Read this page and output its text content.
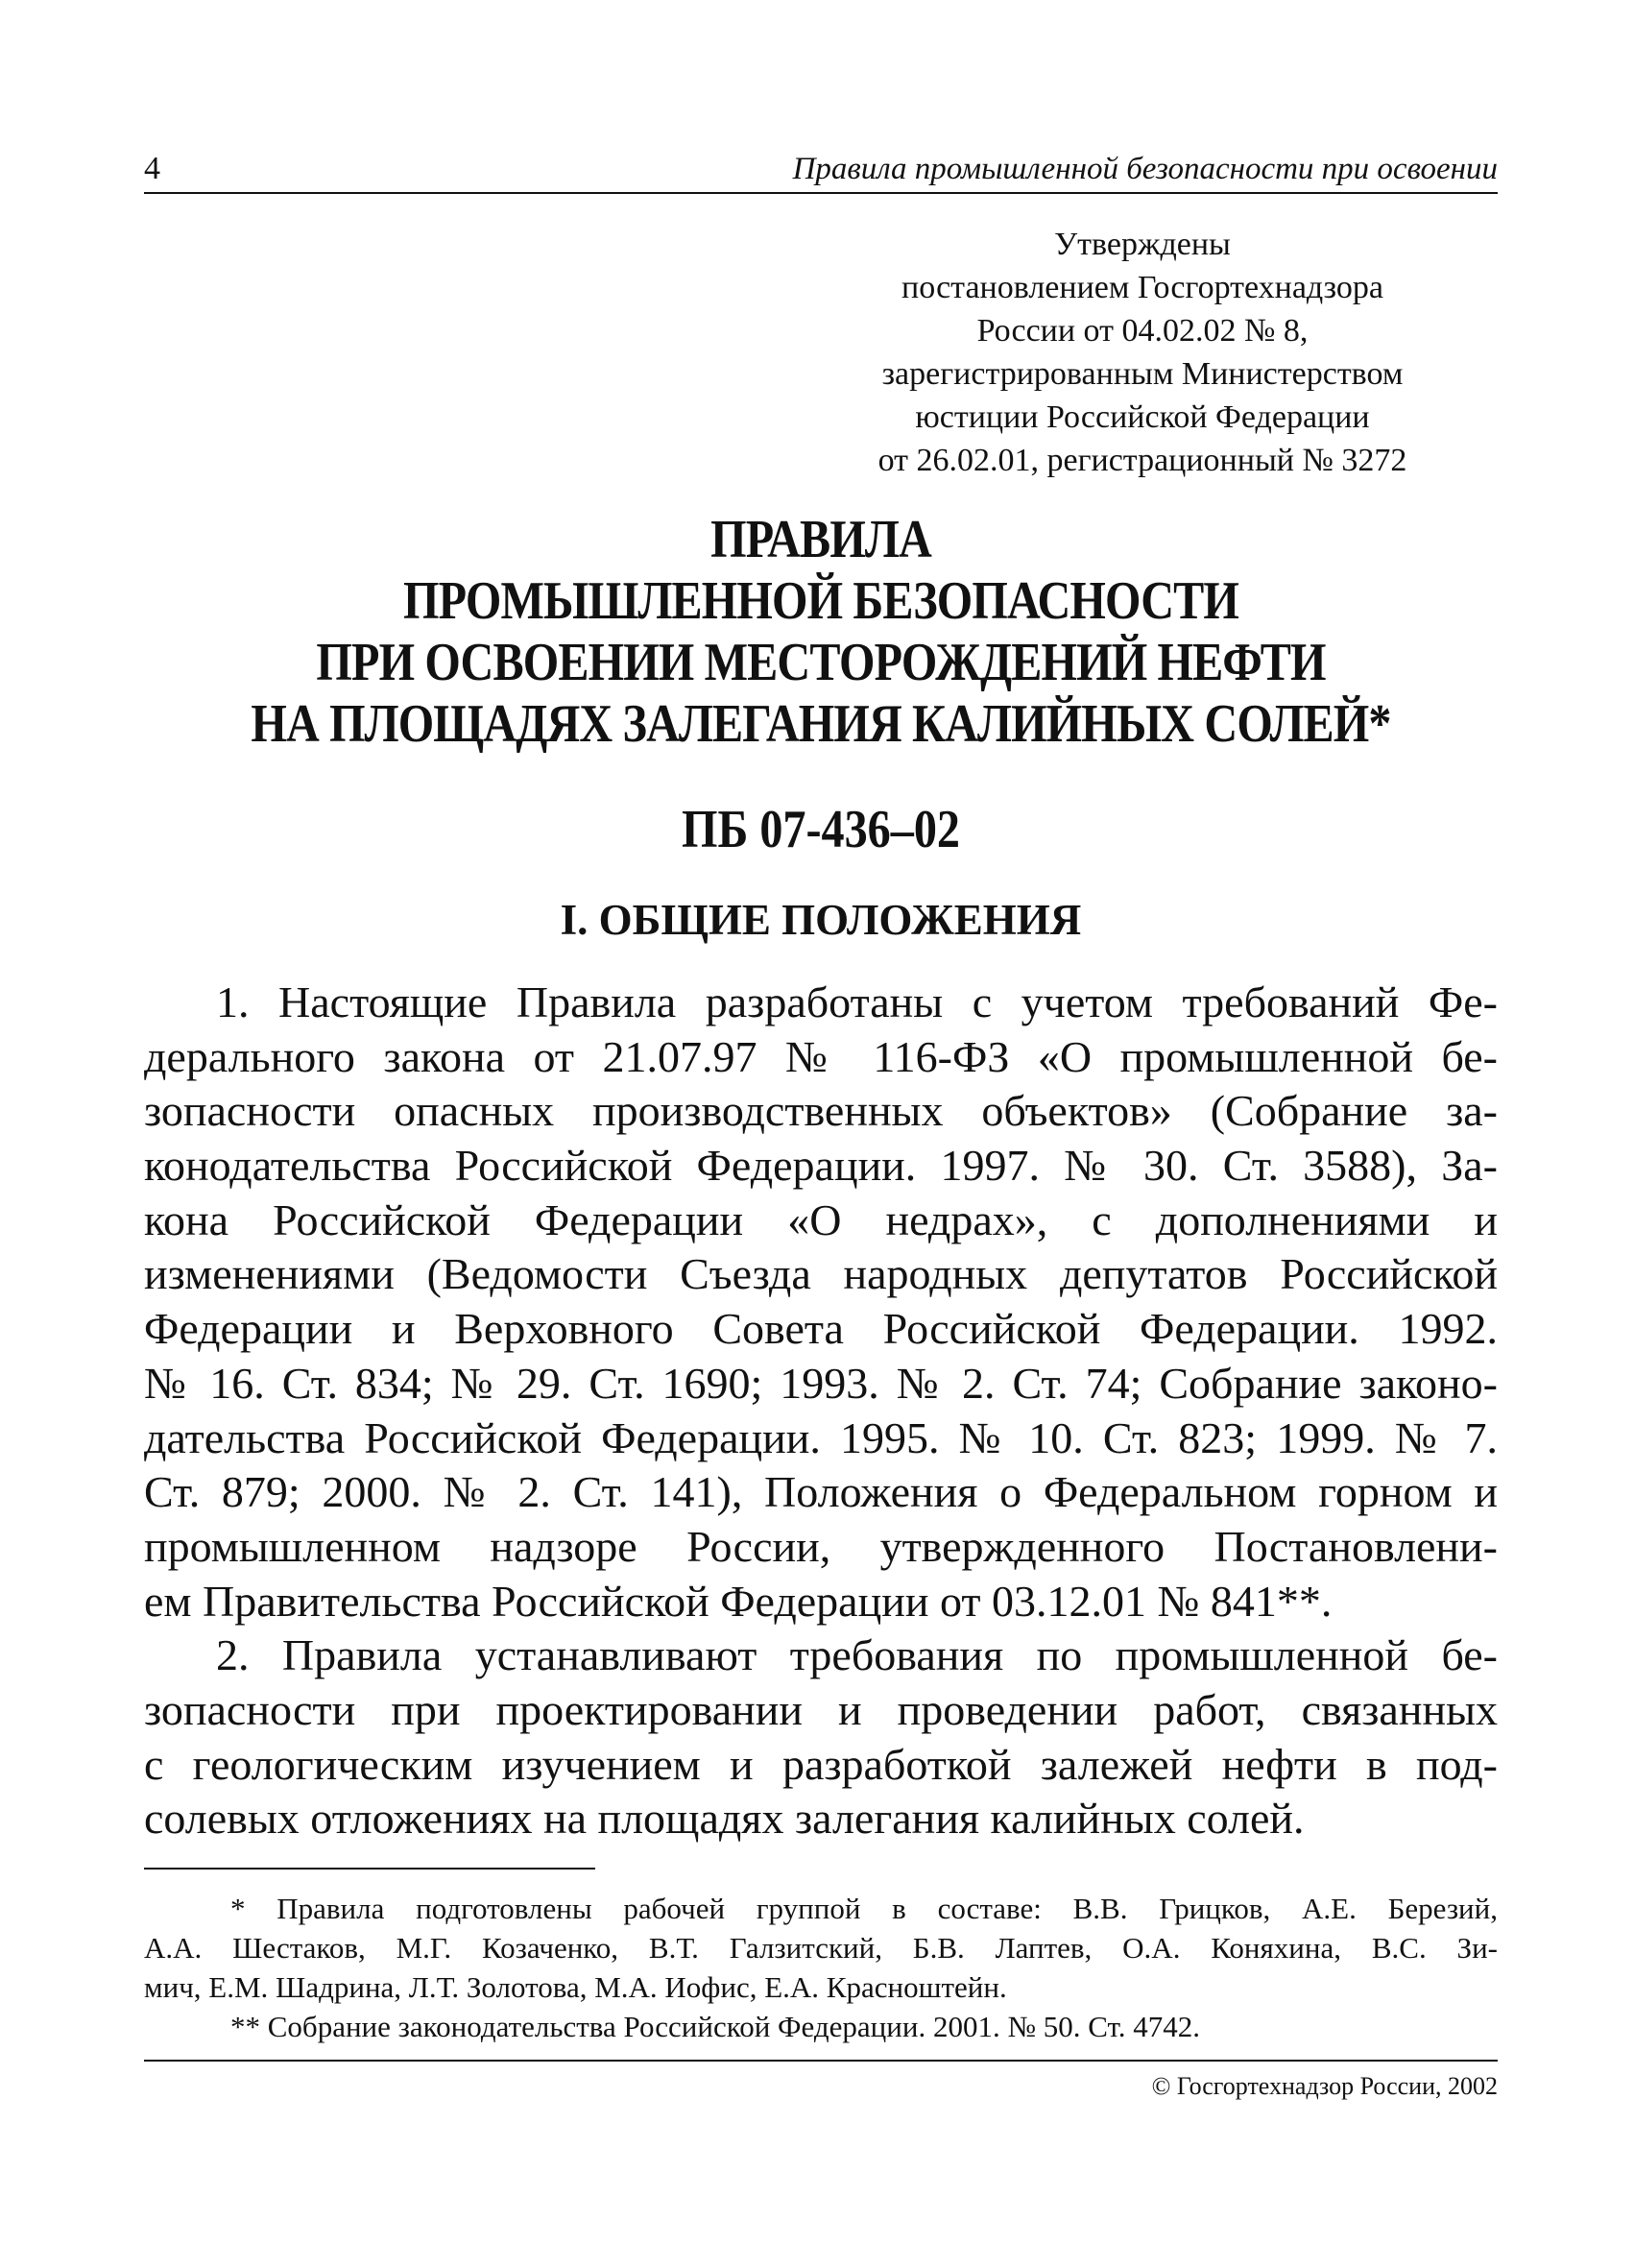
4	Правила промышленной безопасности при освоении
Утверждены
постановлением Госгортехнадзора
России от 04.02.02 № 8,
зарегистрированным Министерством
юстиции Российской Федерации
от 26.02.01, регистрационный № 3272
ПРАВИЛА
ПРОМЫШЛЕННОЙ БЕЗОПАСНОСТИ
ПРИ ОСВОЕНИИ МЕСТОРОЖДЕНИЙ НЕФТИ
НА ПЛОЩАДЯХ ЗАЛЕГАНИЯ КАЛИЙНЫХ СОЛЕЙ*
ПБ 07-436–02
I. ОБЩИЕ ПОЛОЖЕНИЯ
1. Настоящие Правила разработаны с учетом требований Фе-
дерального закона от 21.07.97 № 116-ФЗ «О промышленной бе-
зопасности опасных производственных объектов» (Собрание за-
конодательства Российской Федерации. 1997. № 30. Ст. 3588), За-
кона Российской Федерации «О недрах», с дополнениями и
изменениями (Ведомости Съезда народных депутатов Российской
Федерации и Верховного Совета Российской Федерации. 1992.
№ 16. Ст. 834; № 29. Ст. 1690; 1993. № 2. Ст. 74; Собрание законо-
дательства Российской Федерации. 1995. № 10. Ст. 823; 1999. № 7.
Ст. 879; 2000. № 2. Ст. 141), Положения о Федеральном горном и
промышленном надзоре России, утвержденного Постановлени-
ем Правительства Российской Федерации от 03.12.01 № 841**.
2. Правила устанавливают требования по промышленной бе-
зопасности при проектировании и проведении работ, связанных
с геологическим изучением и разработкой залежей нефти в под-
солевых отложениях на площадях залегания калийных солей.
* Правила подготовлены рабочей группой в составе: В.В. Грицков, А.Е. Березий,
А.А. Шестаков, М.Г. Козаченко, В.Т. Галзитский, Б.В. Лаптев, О.А. Коняхина, В.С. Зи-
мич, Е.М. Шадрина, Л.Т. Золотова, М.А. Иофис, Е.А. Красноштейн.
** Собрание законодательства Российской Федерации. 2001. № 50. Ст. 4742.
© Госгортехнадзор России, 2002
